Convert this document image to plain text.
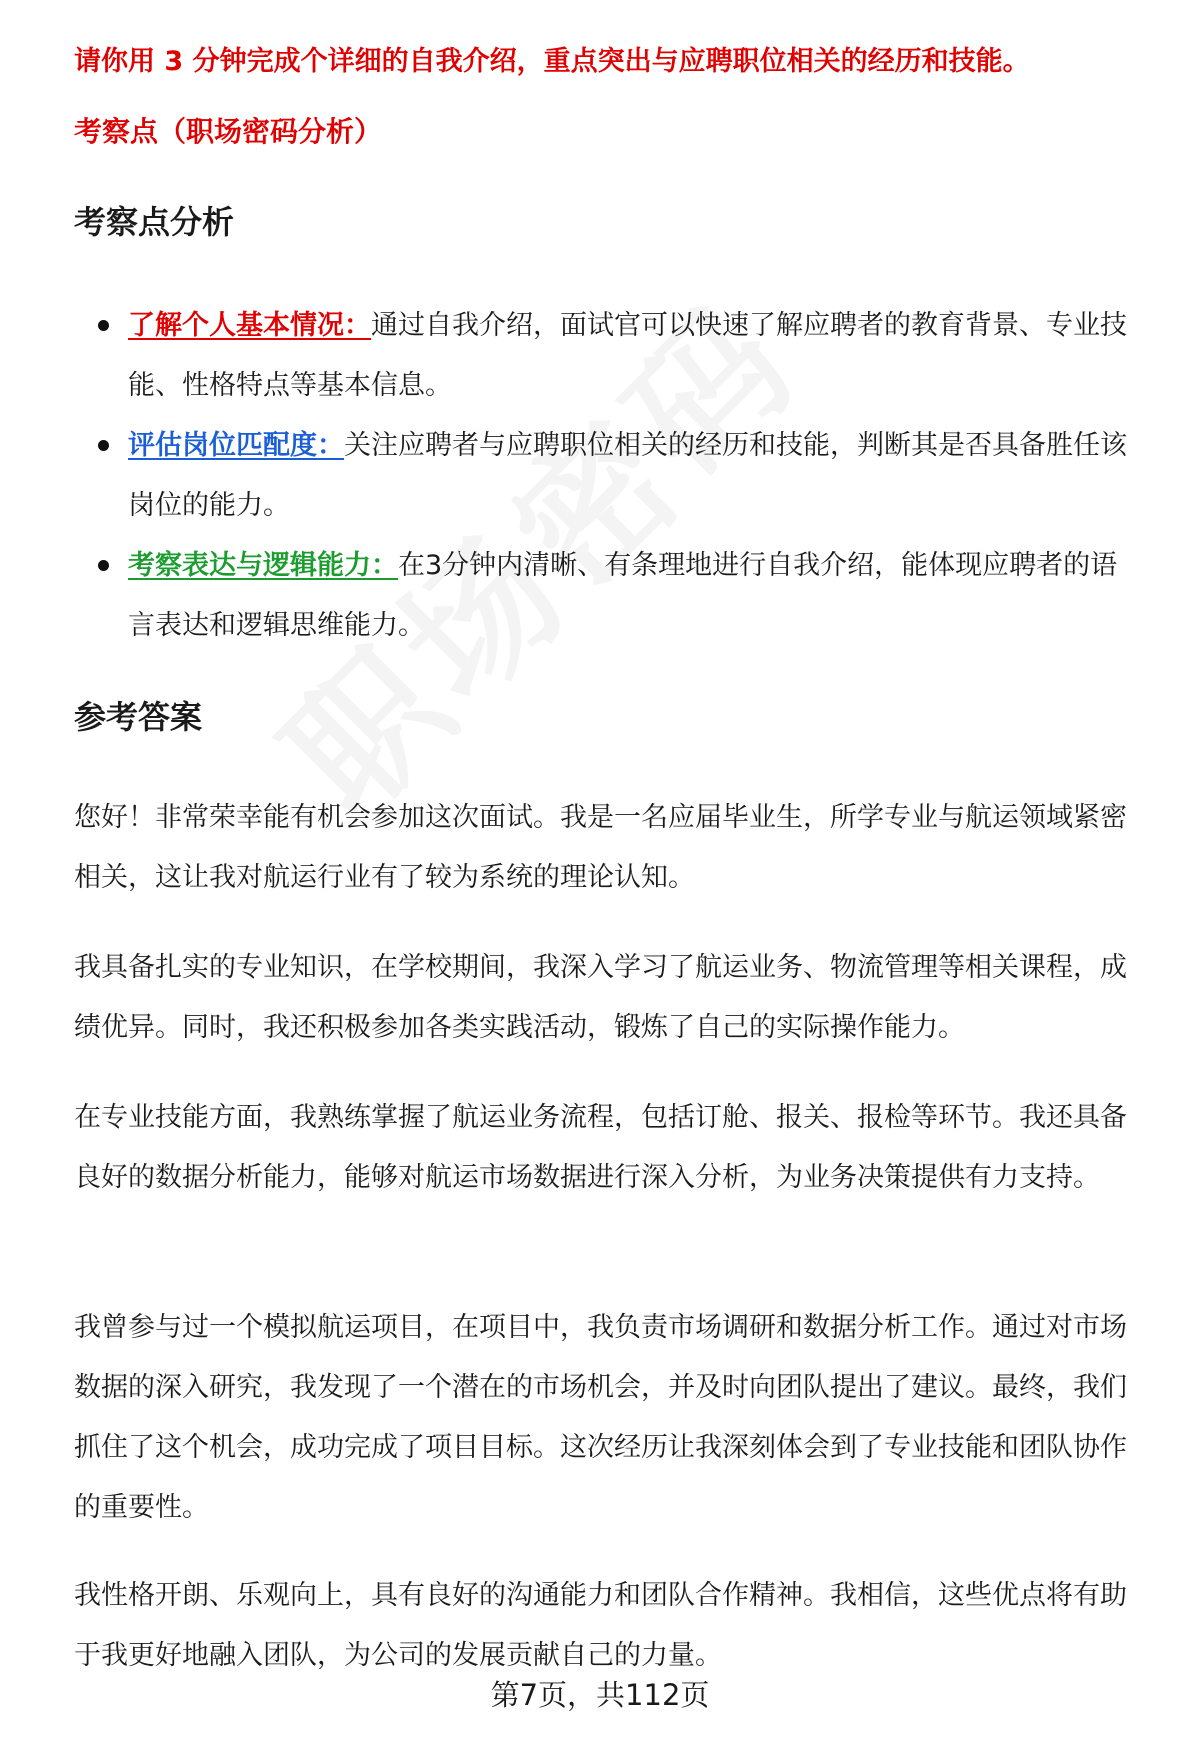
请你用 3 分钟完成个详细的自我介绍，重点突出与应聘职位相关的经历和技能。
考察点（职场密码分析）
考察点分析
了解个人基本情况：通过自我介绍，面试官可以快速了解应聘者的教育背景、专业技能、性格特点等基本信息。
评估岗位匹配度：关注应聘者与应聘职位相关的经历和技能，判断其是否具备胜任该岗位的能力。
考察表达与逻辑能力：在3分钟内清晰、有条理地进行自我介绍，能体现应聘者的语言表达和逻辑思维能力。
参考答案

您好！非常荣幸能有机会参加这次面试。我是一名应届毕业生，所学专业与航运领域紧密相关，这让我对航运行业有了较为系统的理论认知。

我具备扎实的专业知识，在学校期间，我深入学习了航运业务、物流管理等相关课程，成绩优异。同时，我还积极参加各类实践活动，锻炼了自己的实际操作能力。

在专业技能方面，我熟练掌握了航运业务流程，包括订舱、报关、报检等环节。我还具备良好的数据分析能力，能够对航运市场数据进行深入分析，为业务决策提供有力支持。

我曾参与过一个模拟航运项目，在项目中，我负责市场调研和数据分析工作。通过对市场数据的深入研究，我发现了一个潜在的市场机会，并及时向团队提出了建议。最终，我们抓住了这个机会，成功完成了项目目标。这次经历让我深刻体会到了专业技能和团队协作的重要性。

我性格开朗、乐观向上，具有良好的沟通能力和团队合作精神。我相信，这些优点将有助于我更好地融入团队，为公司的发展贡献自己的力量。

第7页，共112页
